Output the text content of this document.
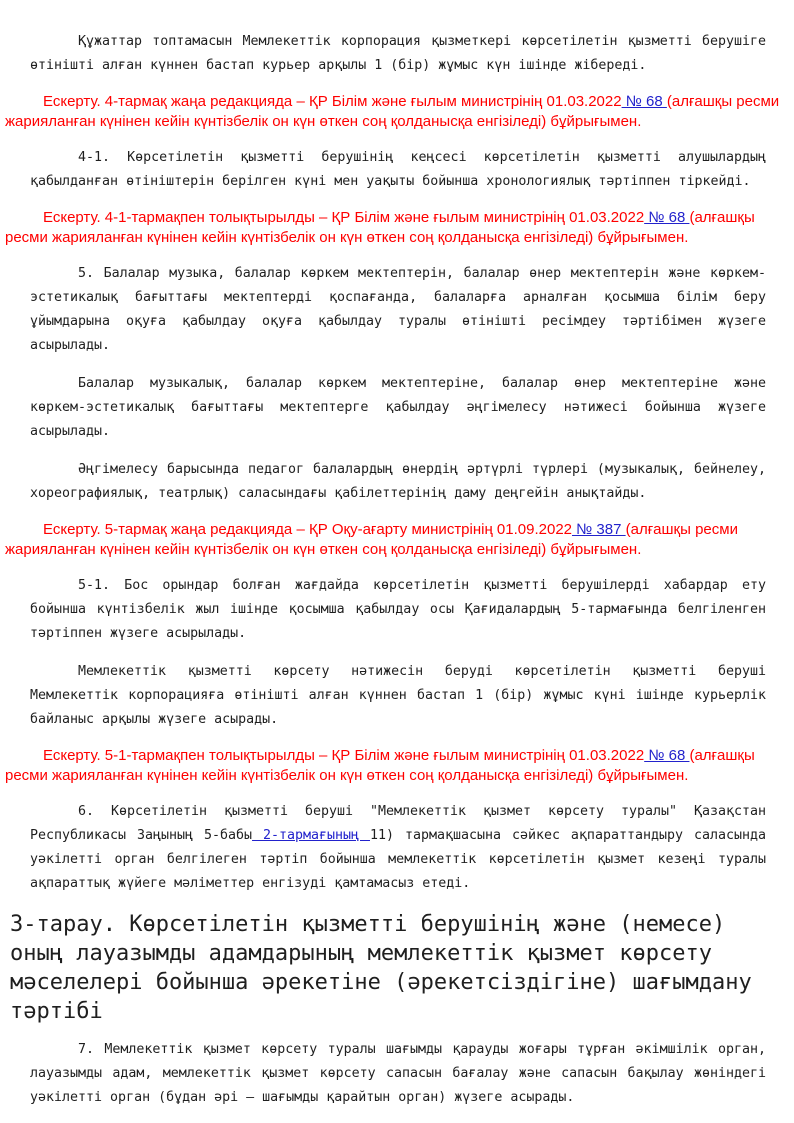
Құжаттар топтамасын Мемлекеттік корпорация қызметкері көрсетілетін қызметті берушіге өтінішті алған күннен бастап курьер арқылы 1 (бір) жұмыс күн ішінде жібереді.

Ескерту. 4-тармақ жаңа редакцияда – ҚР Білім және ғылым министрінің 01.03.2022 № 68 (алғашқы ресми жарияланған күнінен кейін күнтізбелік он күн өткен соң қолданысқа енгізіледі) бұйрығымен.

4-1. Көрсетілетін қызметті берушінің кеңсесі көрсетілетін қызметті алушылардың қабылданған өтініштерін берілген күні мен уақыты бойынша хронологиялық тәртіппен тіркейді.

Ескерту. 4-1-тармақпен толықтырылды – ҚР Білім және ғылым министрінің 01.03.2022 № 68 (алғашқы ресми жарияланған күнінен кейін күнтізбелік он күн өткен соң қолданысқа енгізіледі) бұйрығымен.

5. Балалар музыка, балалар көркем мектептерін, балалар өнер мектептерін және көркем-эстетикалық бағыттағы мектептерді қоспағанда, балаларға арналған қосымша білім беру ұйымдарына оқуға қабылдау оқуға қабылдау туралы өтінішті ресімдеу тәртібімен жүзеге асырылады.

Балалар музыкалық, балалар көркем мектептеріне, балалар өнер мектептеріне және көркем-эстетикалық бағыттағы мектептерге қабылдау әңгімелесу нәтижесі бойынша жүзеге асырылады.

Әңгімелесу барысында педагог балалардың өнердің әртүрлі түрлері (музыкалық, бейнелеу, хореографиялық, театрлық) саласындағы қабілеттерінің даму деңгейін анықтайды.

Ескерту. 5-тармақ жаңа редакцияда – ҚР Оқу-ағарту министрінің 01.09.2022 № 387 (алғашқы ресми жарияланған күнінен кейін күнтізбелік он күн өткен соң қолданысқа енгізіледі) бұйрығымен.

5-1. Бос орындар болған жағдайда көрсетілетін қызметті берушілерді хабардар ету бойынша күнтізбелік жыл ішінде қосымша қабылдау осы Қағидалардың 5-тармағында белгіленген тәртіппен жүзеге асырылады.

Мемлекеттік қызметті көрсету нәтижесін беруді көрсетілетін қызметті беруші Мемлекеттік корпорацияға өтінішті алған күннен бастап 1 (бір) жұмыс күні ішінде курьерлік байланыс арқылы жүзеге асырады.

Ескерту. 5-1-тармақпен толықтырылды – ҚР Білім және ғылым министрінің 01.03.2022 № 68 (алғашқы ресми жарияланған күнінен кейін күнтізбелік он күн өткен соң қолданысқа енгізіледі) бұйрығымен.

6. Көрсетілетін қызметті беруші "Мемлекеттік қызмет көрсету туралы" Қазақстан Республикасы Заңының 5-бабы 2-тармағының 11) тармақшасына сәйкес ақпараттандыру саласында уәкілетті орган белгілеген тәртіп бойынша мемлекеттік көрсетілетін қызмет кезеңі туралы ақпараттық жүйеге мәліметтер енгізуді қамтамасыз етеді.

3-тарау. Көрсетілетін қызметті берушінің және (немесе) оның лауазымды адамдарының мемлекеттік қызмет көрсету мәселелері бойынша әрекетіне (әрекетсіздігіне) шағымдану тәртібі

7. Мемлекеттік қызмет көрсету туралы шағымды қарауды жоғары тұрған әкімшілік орган, лауазымды адам, мемлекеттік қызмет көрсету сапасын бағалау және сапасын бақылау жөніндегі уәкілетті орган (бұдан әрі – шағымды қарайтын орган) жүзеге асырады.
